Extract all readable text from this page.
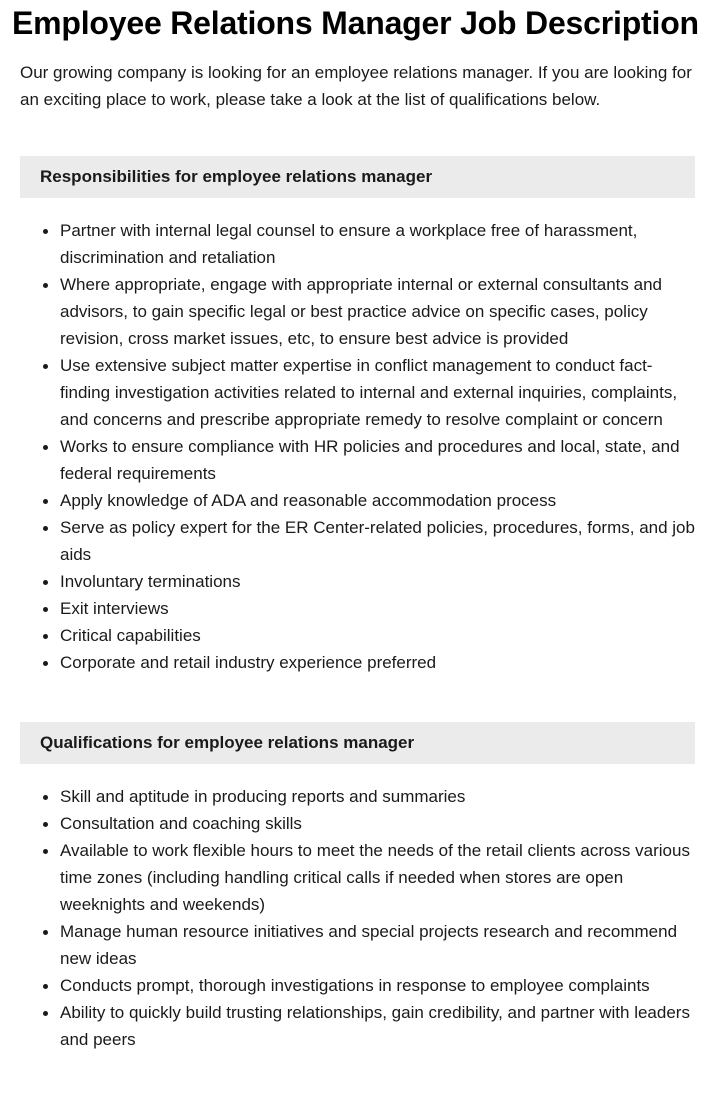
Employee Relations Manager Job Description

Our growing company is looking for an employee relations manager. If you are looking for an exciting place to work, please take a look at the list of qualifications below.

Responsibilities for employee relations manager
Partner with internal legal counsel to ensure a workplace free of harassment, discrimination and retaliation
Where appropriate, engage with appropriate internal or external consultants and advisors, to gain specific legal or best practice advice on specific cases, policy revision, cross market issues, etc, to ensure best advice is provided
Use extensive subject matter expertise in conflict management to conduct fact-finding investigation activities related to internal and external inquiries, complaints, and concerns and prescribe appropriate remedy to resolve complaint or concern
Works to ensure compliance with HR policies and procedures and local, state, and federal requirements
Apply knowledge of ADA and reasonable accommodation process
Serve as policy expert for the ER Center-related policies, procedures, forms, and job aids
Involuntary terminations
Exit interviews
Critical capabilities
Corporate and retail industry experience preferred
Qualifications for employee relations manager
Skill and aptitude in producing reports and summaries
Consultation and coaching skills
Available to work flexible hours to meet the needs of the retail clients across various time zones (including handling critical calls if needed when stores are open weeknights and weekends)
Manage human resource initiatives and special projects research and recommend new ideas
Conducts prompt, thorough investigations in response to employee complaints
Ability to quickly build trusting relationships, gain credibility, and partner with leaders and peers
